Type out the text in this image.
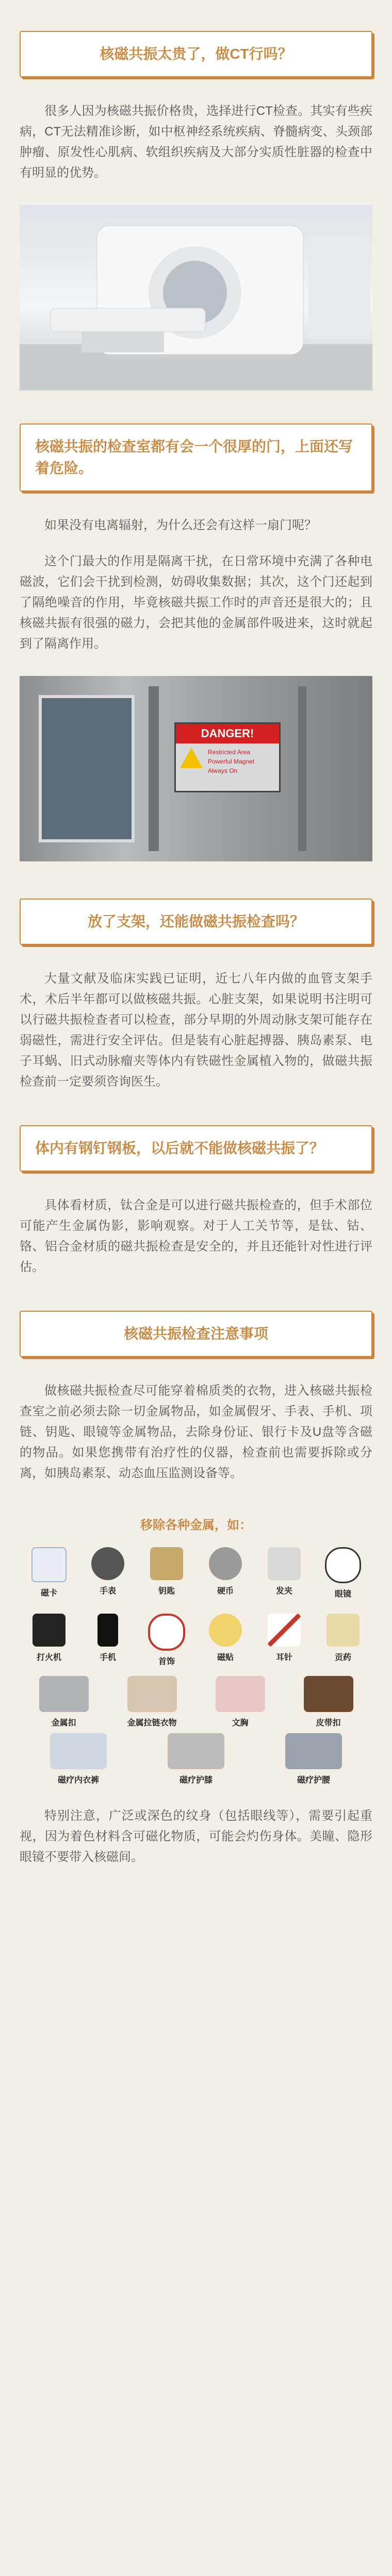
核磁共振太贵了，做CT行吗？

很多人因为核磁共振价格贵，选择进行CT检查。其实有些疾病，CT无法精准诊断，如中枢神经系统疾病、脊髓病变、头颈部肿瘤、原发性心肌病、软组织疾病及大部分实质性脏器的检查中有明显的优势。

核磁共振的检查室都有会一个很厚的门，上面还写着危险。

如果没有电离辐射，为什么还会有这样一扇门呢？

这个门最大的作用是隔离干扰，在日常环境中充满了各种电磁波，它们会干扰到检测，妨碍收集数据；其次，这个门还起到了隔绝噪音的作用，毕竟核磁共振工作时的声音还是很大的；且核磁共振有很强的磁力，会把其他的金属部件吸进来，这时就起到了隔离作用。

DANGER!
Restricted Area
Powerful Magnet
Always On
放了支架，还能做磁共振检查吗？

大量文献及临床实践已证明，近七八年内做的血管支架手术，术后半年都可以做核磁共振。心脏支架，如果说明书注明可以行磁共振检查者可以检查，部分早期的外周动脉支架可能存在弱磁性，需进行安全评估。但是装有心脏起搏器、胰岛素泵、电子耳蜗、旧式动脉瘤夹等体内有铁磁性金属植入物的，做磁共振检查前一定要须咨询医生。

体内有钢钉钢板，以后就不能做核磁共振了？

具体看材质，钛合金是可以进行磁共振检查的，但手术部位可能产生金属伪影，影响观察。对于人工关节等，是钛、钴、铬、铝合金材质的磁共振检查是安全的，并且还能针对性进行评估。

核磁共振检查注意事项

做核磁共振检查尽可能穿着棉质类的衣物，进入核磁共振检查室之前必须去除一切金属物品，如金属假牙、手表、手机、项链、钥匙、眼镜等金属物品，去除身份证、银行卡及U盘等含磁的物品。如果您携带有治疗性的仪器，检查前也需要拆除或分离，如胰岛素泵、动态血压监测设备等。

移除各种金属，如：
磁卡	手表	钥匙	硬币	发夹	眼镜
打火机	手机	首饰	磁贴	耳针	贡药
金属扣	金属拉链衣物	文胸	皮带扣
磁疗内衣裤	磁疗护膝	磁疗护腰

特别注意，广泛或深色的纹身（包括眼线等），需要引起重视，因为着色材料含可磁化物质，可能会灼伤身体。美瞳、隐形眼镜不要带入核磁间。
